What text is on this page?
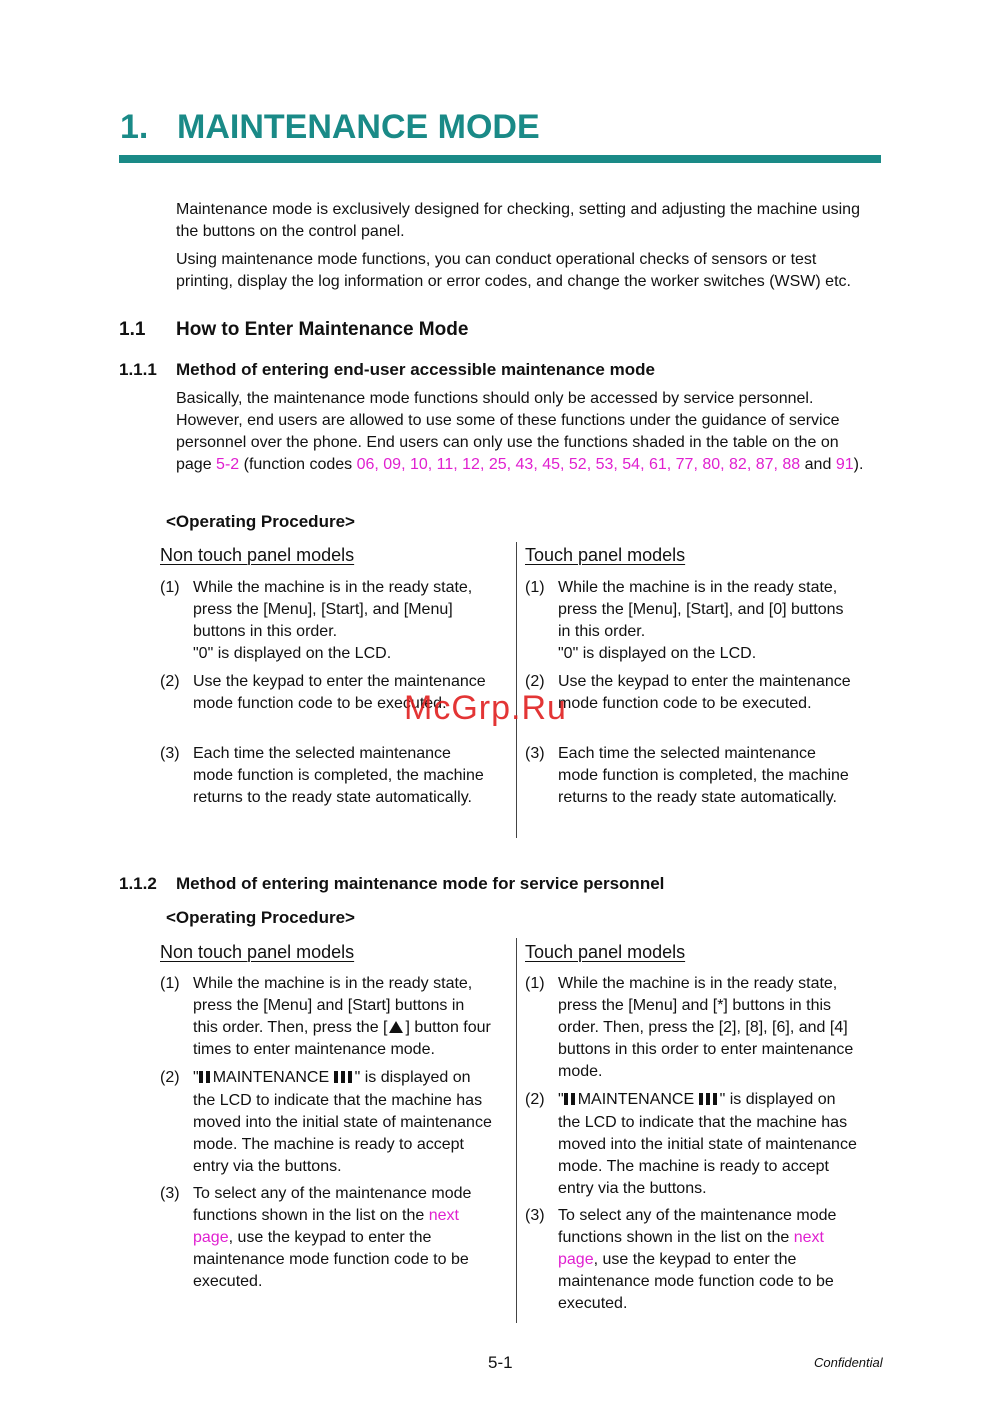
1. MAINTENANCE MODE
Maintenance mode is exclusively designed for checking, setting and adjusting the machine using the buttons on the control panel.
Using maintenance mode functions, you can conduct operational checks of sensors or test printing, display the log information or error codes, and change the worker switches (WSW) etc.
1.1 How to Enter Maintenance Mode
1.1.1 Method of entering end-user accessible maintenance mode
Basically, the maintenance mode functions should only be accessed by service personnel. However, end users are allowed to use some of these functions under the guidance of service personnel over the phone. End users can only use the functions shaded in the table on the on page 5-2 (function codes 06, 09, 10, 11, 12, 25, 43, 45, 52, 53, 54, 61, 77, 80, 82, 87, 88 and 91).
<Operating Procedure>
Non touch panel models	Touch panel models
(1) While the machine is in the ready state, press the [Menu], [Start], and [Menu] buttons in this order.
"0" is displayed on the LCD.
(2) Use the keypad to enter the maintenance mode function code to be executed.
(3) Each time the selected maintenance mode function is completed, the machine returns to the ready state automatically.
(1) While the machine is in the ready state, press the [Menu], [Start], and [0] buttons in this order.
"0" is displayed on the LCD.
(2) Use the keypad to enter the maintenance mode function code to be executed.
(3) Each time the selected maintenance mode function is completed, the machine returns to the ready state automatically.
1.1.2 Method of entering maintenance mode for service personnel
<Operating Procedure>
Non touch panel models	Touch panel models
(1) While the machine is in the ready state, press the [Menu] and [Start] buttons in this order. Then, press the [ ] button four times to enter maintenance mode.
(2) " MAINTENANCE " is displayed on the LCD to indicate that the machine has moved into the initial state of maintenance mode. The machine is ready to accept entry via the buttons.
(3) To select any of the maintenance mode functions shown in the list on the next page, use the keypad to enter the maintenance mode function code to be executed.
(1) While the machine is in the ready state, press the [Menu] and [*] buttons in this order. Then, press the [2], [8], [6], and [4] buttons in this order to enter maintenance mode.
(2) " MAINTENANCE " is displayed on the LCD to indicate that the machine has moved into the initial state of maintenance mode. The machine is ready to accept entry via the buttons.
(3) To select any of the maintenance mode functions shown in the list on the next page, use the keypad to enter the maintenance mode function code to be executed.
McGrp.Ru
5-1	Confidential
